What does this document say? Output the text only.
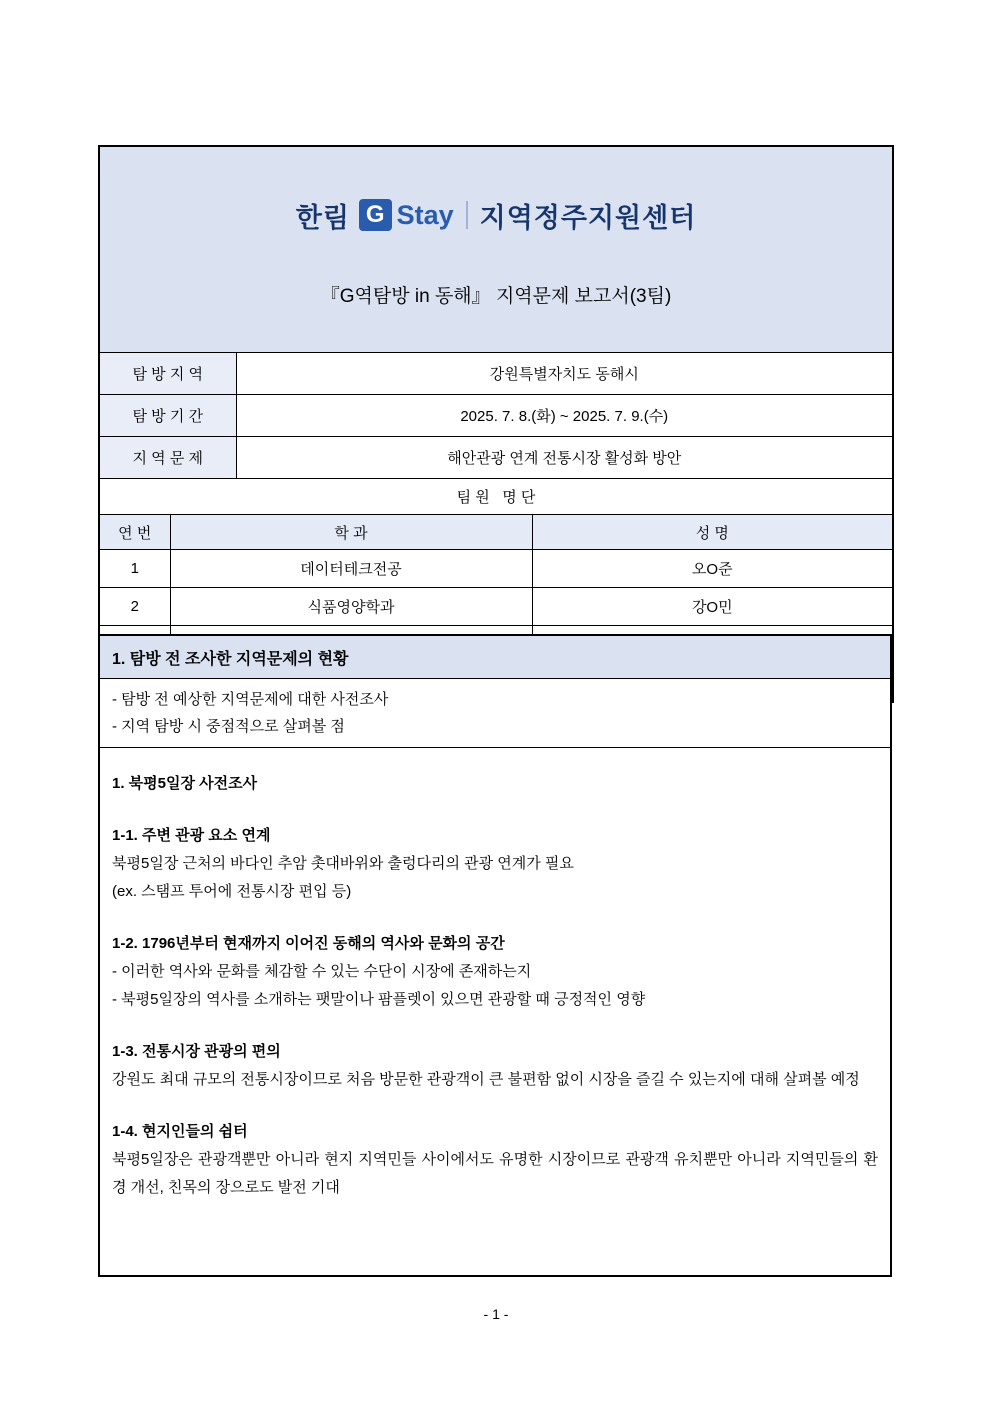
한림 G Stay 지역정주지원센터

『G역탐방 in 동해』 지역문제 보고서(3팀)			

탐 방 지 역		강원특별자치도 동해시	
탐 방 기 간		2025. 7. 8.(화) ~ 2025. 7. 9.(수)	
지 역 문 제		해안관광 연계 전통시장 활성화 방안	
팀 원   명 단			
연 번	학 과		성 명
1	데이터테크전공		오O준
2	식품영양학과		강O민

1. 탐방 전 조사한 지역문제의 현황
- 탐방 전 예상한 지역문제에 대한 사전조사
- 지역 탐방 시 중점적으로 살펴볼 점
1. 북평5일장 사전조사
1-1. 주변 관광 요소 연계
북평5일장 근처의 바다인 추암 촛대바위와 출렁다리의 관광 연계가 필요
(ex. 스탬프 투어에 전통시장 편입 등)
1-2. 1796년부터 현재까지 이어진 동해의 역사와 문화의 공간
- 이러한 역사와 문화를 체감할 수 있는 수단이 시장에 존재하는지
- 북평5일장의 역사를 소개하는 팻말이나 팜플렛이 있으면 관광할 때 긍정적인 영향
1-3. 전통시장 관광의 편의
강원도 최대 규모의 전통시장이므로 처음 방문한 관광객이 큰 불편함 없이 시장을 즐길 수 있는지에 대해 살펴볼 예정
1-4. 현지인들의 쉼터
북평5일장은 관광객뿐만 아니라 현지 지역민들 사이에서도 유명한 시장이므로 관광객 유치뿐만 아니라 지역민들의 환경 개선, 친목의 장으로도 발전 기대
- 1 -
